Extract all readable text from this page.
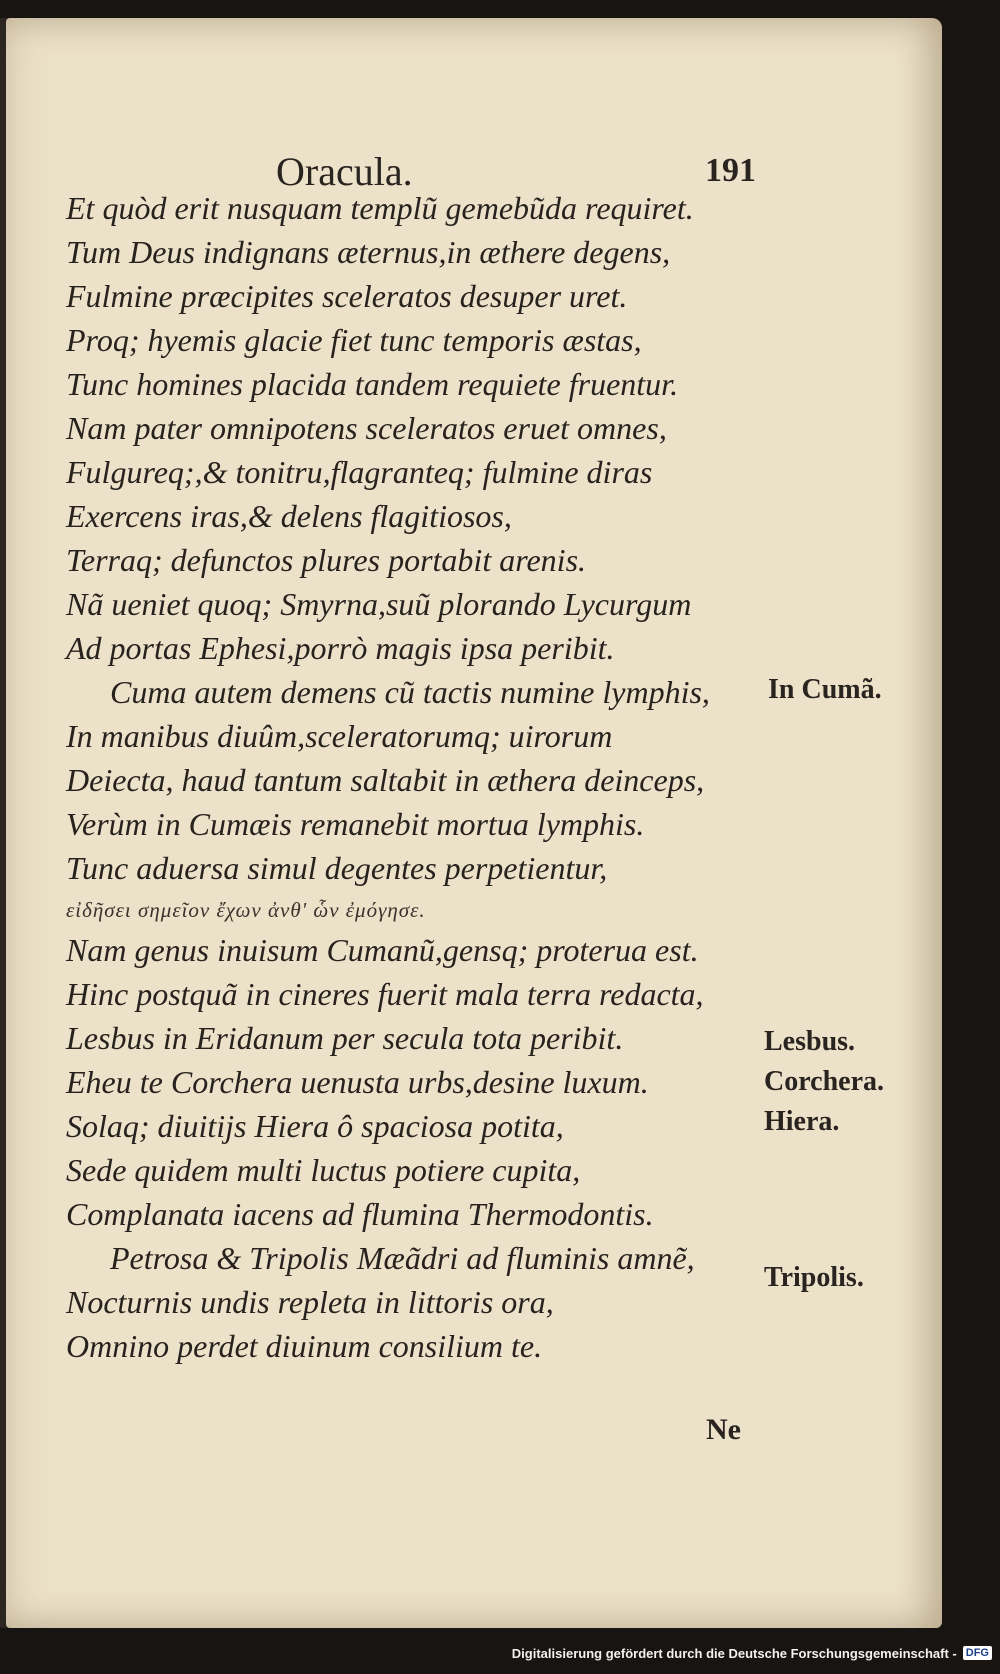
Oracula.	191
Et quòd erit nusquam templũ gemebũda requiret.
Tum Deus indignans æternus,in æthere degens,
Fulmine præcipites sceleratos desuper uret.
Proq; hyemis glacie fiet tunc temporis æstas,
Tunc homines placida tandem requiete fruentur.
Nam pater omnipotens sceleratos eruet omnes,
Fulgureq;,& tonitru,flagranteq; fulmine diras
Exercens iras,& delens flagitiosos,
Terraq; defunctos plures portabit arenis.
Nã ueniet quoq; Smyrna,suũ plorando Lycurgum
Ad portas Ephesi,porrò magis ipsa peribit.
Cuma autem demens cũ tactis numine lymphis,
In manibus diuûm,sceleratorumq; uirorum
Deiecta, haud tantum saltabit in æthera deinceps,
Verùm in Cumæis remanebit mortua lymphis.
Tunc aduersa simul degentes perpetientur,
εἰδῆσει σημεῖον ἔχων ἀνθ' ὧν ἐμόγησε.
Nam genus inuisum Cumanũ,gensq; proterua est.
Hinc postquã in cineres fuerit mala terra redacta,
Lesbus in Eridanum per secula tota peribit.
Eheu te Corchera uenusta urbs,desine luxum.
Solaq; diuitijs Hiera ô spaciosa potita,
Sede quidem multi luctus potiere cupita,
Complanata iacens ad flumina Thermodontis.
Petrosa & Tripolis Mæãdri ad fluminis amnẽ,
Nocturnis undis repleta in littoris ora,
Omnino perdet diuinum consilium te.
In Cumã.
Lesbus.
Corchera.
Hiera.
Tripolis.
Ne
Digitalisierung gefördert durch die Deutsche Forschungsgemeinschaft - DFG
